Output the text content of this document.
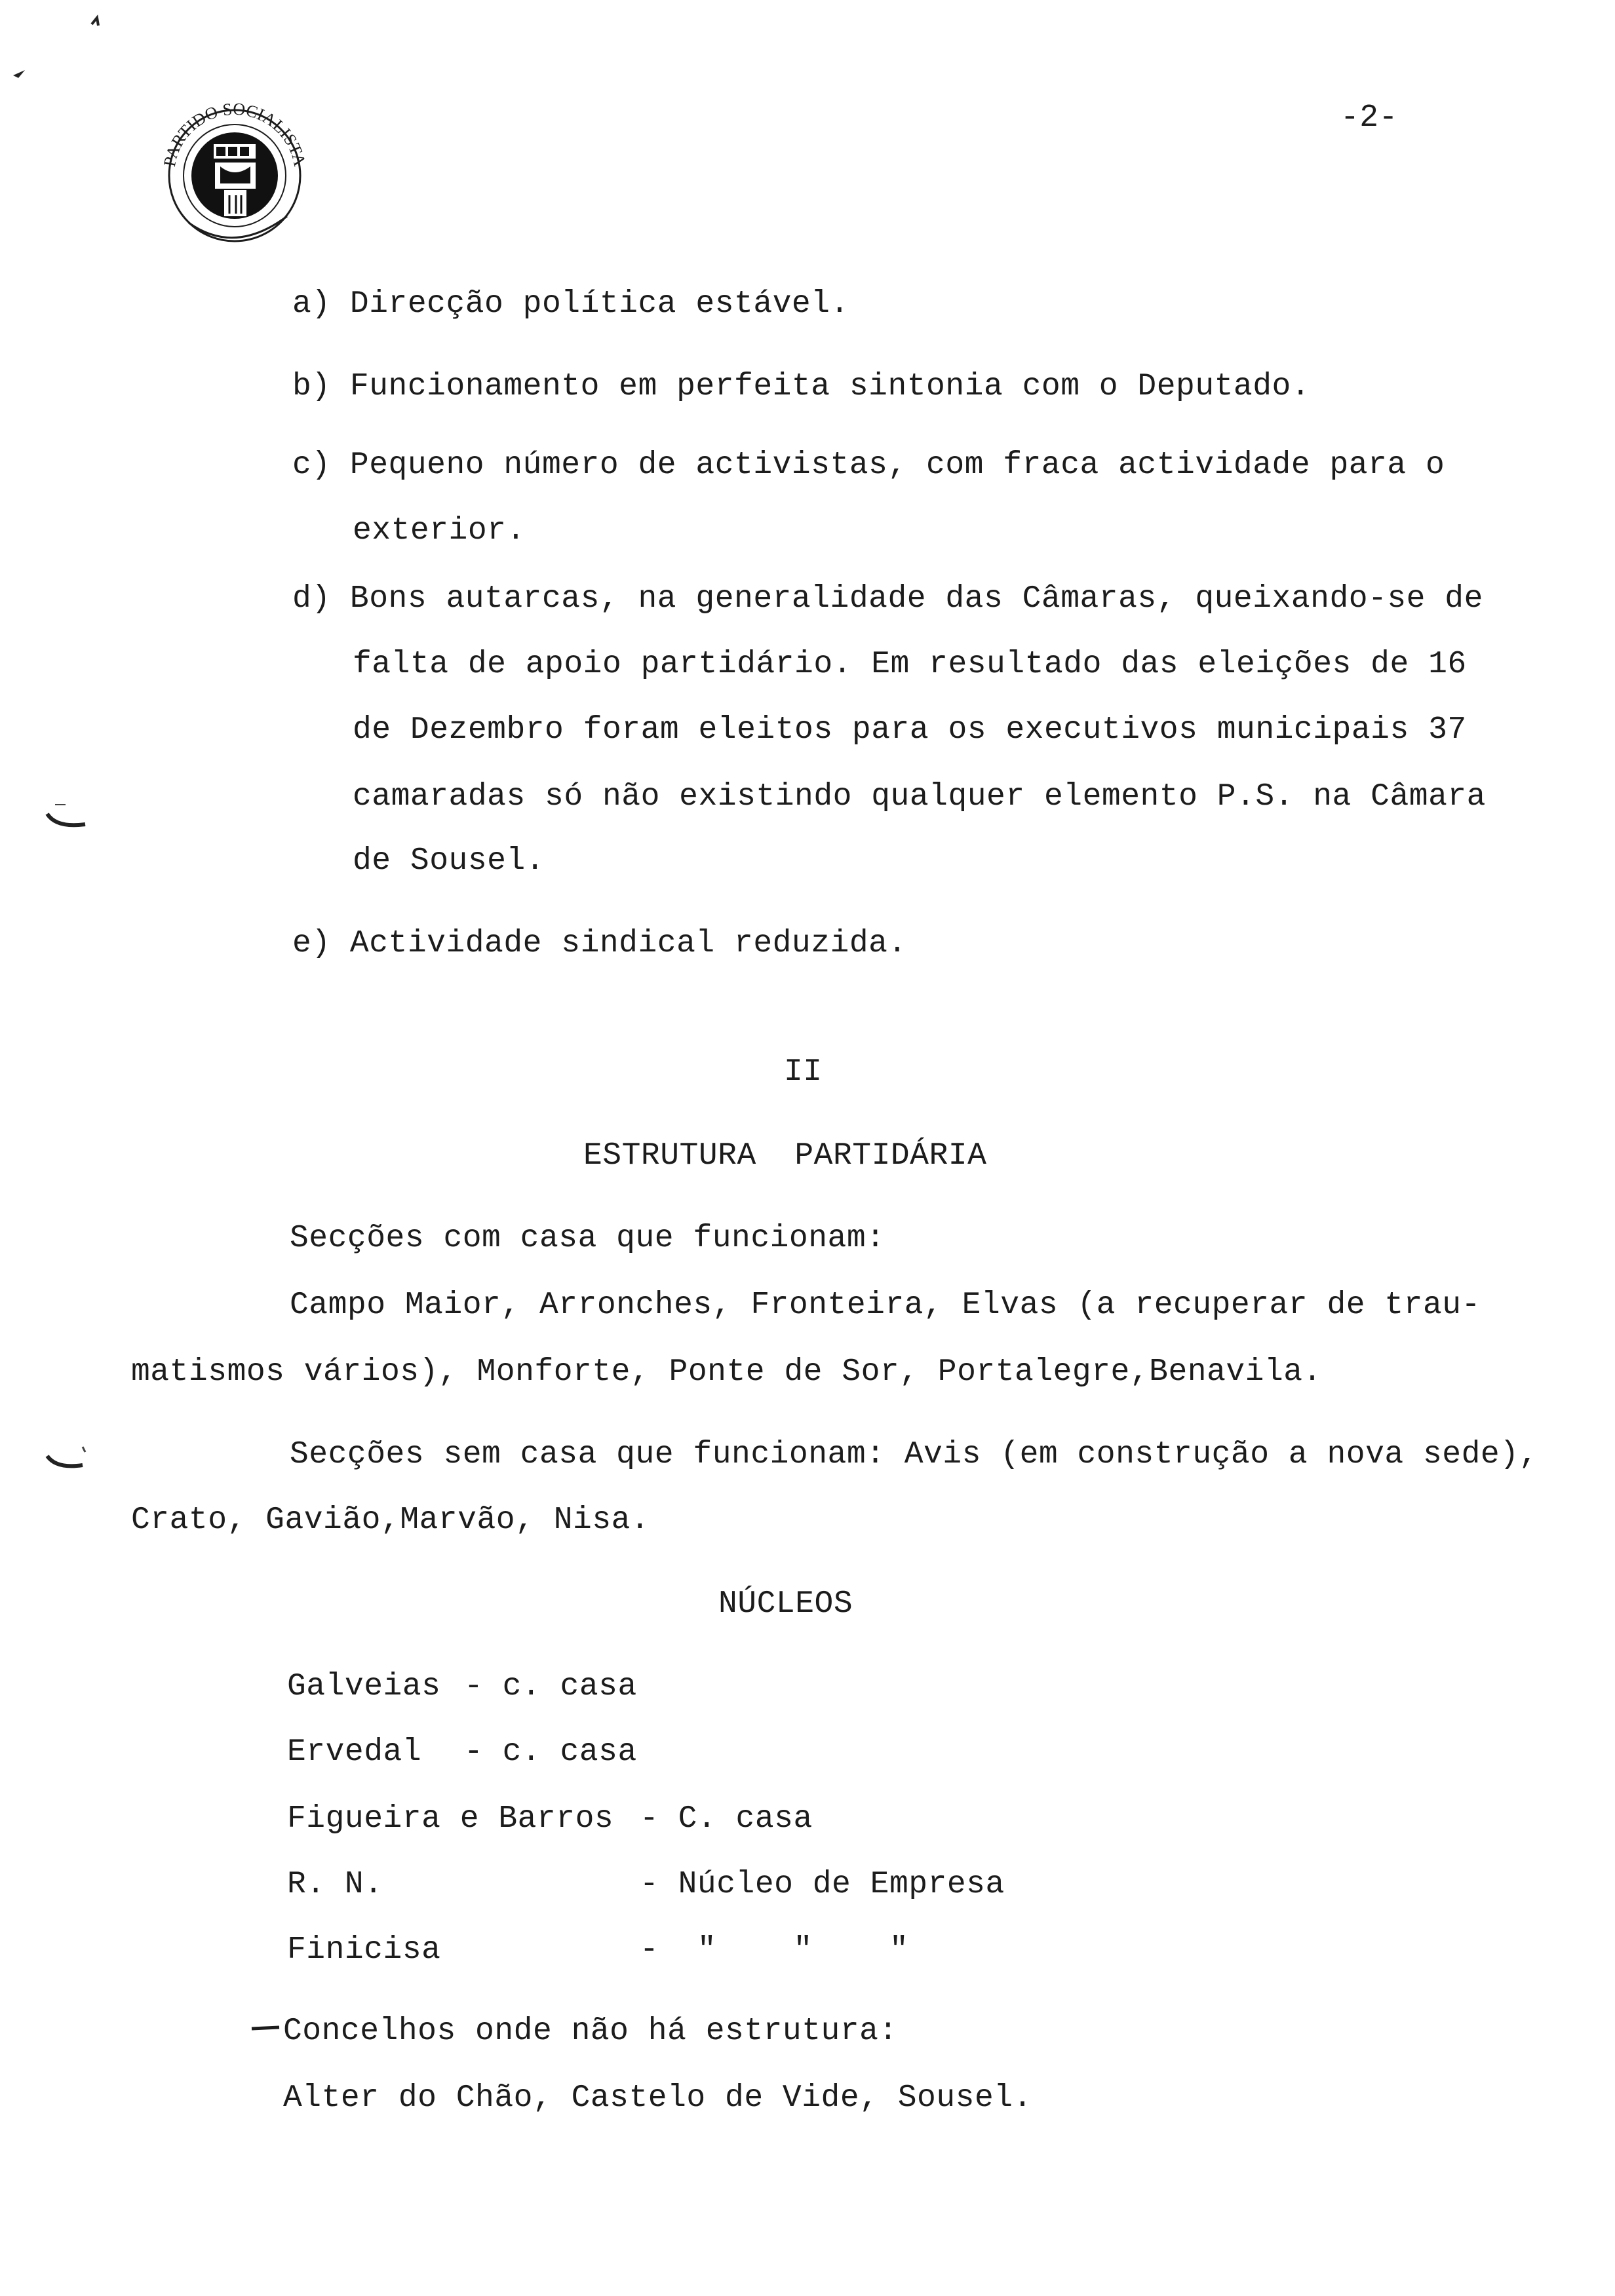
-2-
PARTIDO SOCIALISTA
a) Direcção política estável.
b) Funcionamento em perfeita sintonia com o Deputado.
c) Pequeno número de activistas, com fraca actividade para o
exterior.
d) Bons autarcas, na generalidade das Câmaras, queixando-se de
falta de apoio partidário. Em resultado das eleições de 16
de Dezembro foram eleitos para os executivos municipais 37
camaradas só não existindo qualquer elemento P.S. na Câmara
de Sousel.
e) Actividade sindical reduzida.
II
ESTRUTURA  PARTIDÁRIA
Secções com casa que funcionam:
Campo Maior, Arronches, Fronteira, Elvas (a recuperar de trau-
matismos vários), Monforte, Ponte de Sor, Portalegre,Benavila.
Secções sem casa que funcionam: Avis (em construção a nova sede),
Crato, Gavião,Marvão, Nisa.
NÚCLEOS
Galveias - c. casa
Ervedal - c. casa
Figueira e Barros - C. casa
R. N.	- Núcleo de Empresa
Finicisa	-  "    "    "
Concelhos onde não há estrutura:
Alter do Chão, Castelo de Vide, Sousel.
